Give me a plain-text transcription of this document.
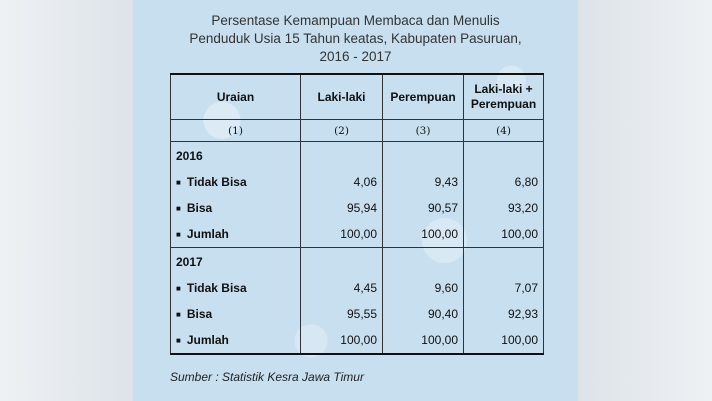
Persentase Kemampuan Membaca dan Menulis
Penduduk Usia 15 Tahun keatas, Kabupaten Pasuruan,
2016 - 2017
Uraian	Laki-laki	Perempuan	Laki-laki +
Perempuan

(1)	(2)	(3)	(4)
2016			
■ Tidak Bisa	4,06	9,43	6,80
■ Bisa	95,94	90,57	93,20
■ Jumlah	100,00	100,00	100,00
2017			
■ Tidak Bisa	4,45	9,60	7,07
■ Bisa	95,55	90,40	92,93
■ Jumlah	100,00	100,00	100,00
Sumber : Statistik Kesra Jawa Timur
